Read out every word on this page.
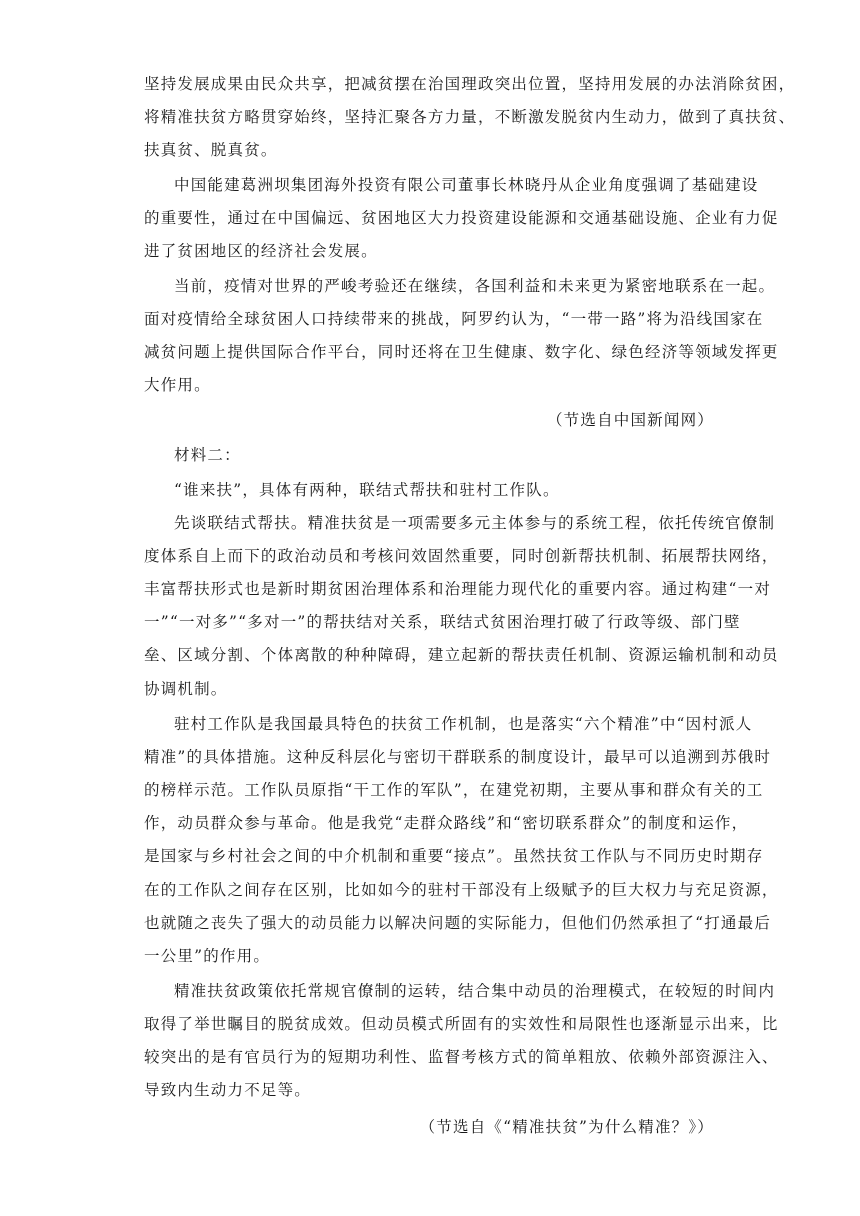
坚持发展成果由民众共享，把减贫摆在治国理政突出位置，坚持用发展的办法消除贫困，
将精准扶贫方略贯穿始终，坚持汇聚各方力量，不断激发脱贫内生动力，做到了真扶贫、
扶真贫、脱真贫。
中国能建葛洲坝集团海外投资有限公司董事长林晓丹从企业角度强调了基础建设
的重要性，通过在中国偏远、贫困地区大力投资建设能源和交通基础设施、企业有力促
进了贫困地区的经济社会发展。
当前，疫情对世界的严峻考验还在继续，各国利益和未来更为紧密地联系在一起。
面对疫情给全球贫困人口持续带来的挑战，阿罗约认为，“一带一路”将为沿线国家在
减贫问题上提供国际合作平台，同时还将在卫生健康、数字化、绿色经济等领域发挥更
大作用。
（节选自中国新闻网）
材料二：
“谁来扶”，具体有两种，联结式帮扶和驻村工作队。
先谈联结式帮扶。精准扶贫是一项需要多元主体参与的系统工程，依托传统官僚制
度体系自上而下的政治动员和考核问效固然重要，同时创新帮扶机制、拓展帮扶网络，
丰富帮扶形式也是新时期贫困治理体系和治理能力现代化的重要内容。通过构建“一对
一”“一对多”“多对一”的帮扶结对关系，联结式贫困治理打破了行政等级、部门壁
垒、区域分割、个体离散的种种障碍，建立起新的帮扶责任机制、资源运输机制和动员
协调机制。
驻村工作队是我国最具特色的扶贫工作机制，也是落实“六个精准”中“因村派人
精准”的具体措施。这种反科层化与密切干群联系的制度设计，最早可以追溯到苏俄时
的榜样示范。工作队员原指“干工作的军队”，在建党初期，主要从事和群众有关的工
作，动员群众参与革命。他是我党“走群众路线”和“密切联系群众”的制度和运作，
是国家与乡村社会之间的中介机制和重要“接点”。虽然扶贫工作队与不同历史时期存
在的工作队之间存在区别，比如如今的驻村干部没有上级赋予的巨大权力与充足资源，
也就随之丧失了强大的动员能力以解决问题的实际能力，但他们仍然承担了“打通最后
一公里”的作用。
精准扶贫政策依托常规官僚制的运转，结合集中动员的治理模式，在较短的时间内
取得了举世瞩目的脱贫成效。但动员模式所固有的实效性和局限性也逐渐显示出来，比
较突出的是有官员行为的短期功利性、监督考核方式的简单粗放、依赖外部资源注入、
导致内生动力不足等。
（节选自《“精准扶贫”为什么精准？》）
